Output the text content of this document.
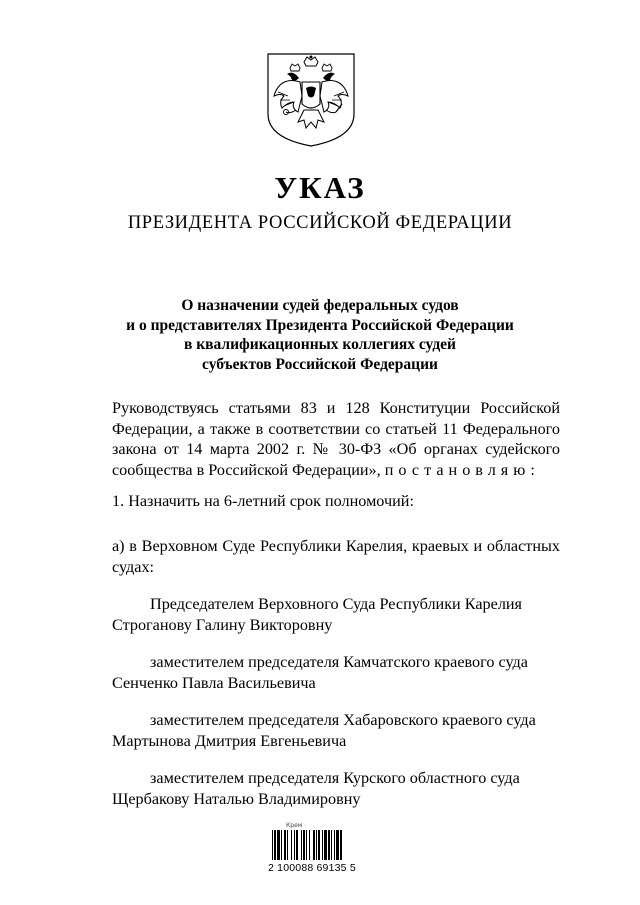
УКАЗ
ПРЕЗИДЕНТА РОССИЙСКОЙ ФЕДЕРАЦИИ
О назначении судей федеральных судов
и о представителях Президента Российской Федерации
в квалификационных коллегиях судей
субъектов Российской Федерации
Руководствуясь статьями 83 и 128 Конституции Российской Федерации, а также в соответствии со статьей 11 Федерального закона от 14 марта 2002 г. № 30-ФЗ «Об органах судейского сообщества в Российской Федерации», постановляю:
1. Назначить на 6-летний срок полномочий:
а) в Верховном Суде Республики Карелия, краевых и областных судах:
Председателем Верховного Суда Республики Карелия
Строганову Галину Викторовну
заместителем председателя Камчатского краевого суда
Сенченко Павла Васильевича
заместителем председателя Хабаровского краевого суда
Мартынова Дмитрия Евгеньевича
заместителем председателя Курского областного суда
Щербакову Наталью Владимировну
Крем
2 100088 69135 5
